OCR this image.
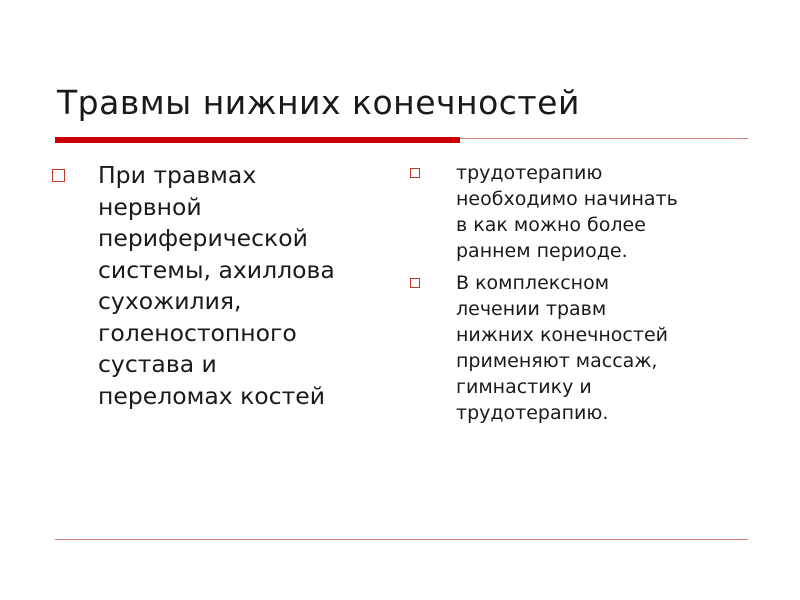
Травмы нижних конечностей
При травмах
нервной
периферической
системы, ахиллова
сухожилия,
голеностопного
сустава и
переломах костей
трудотерапию
необходимо начинать
в как можно более
раннем периоде.
В комплексном
лечении травм
нижних конечностей
применяют массаж,
гимнастику и
трудотерапию.
